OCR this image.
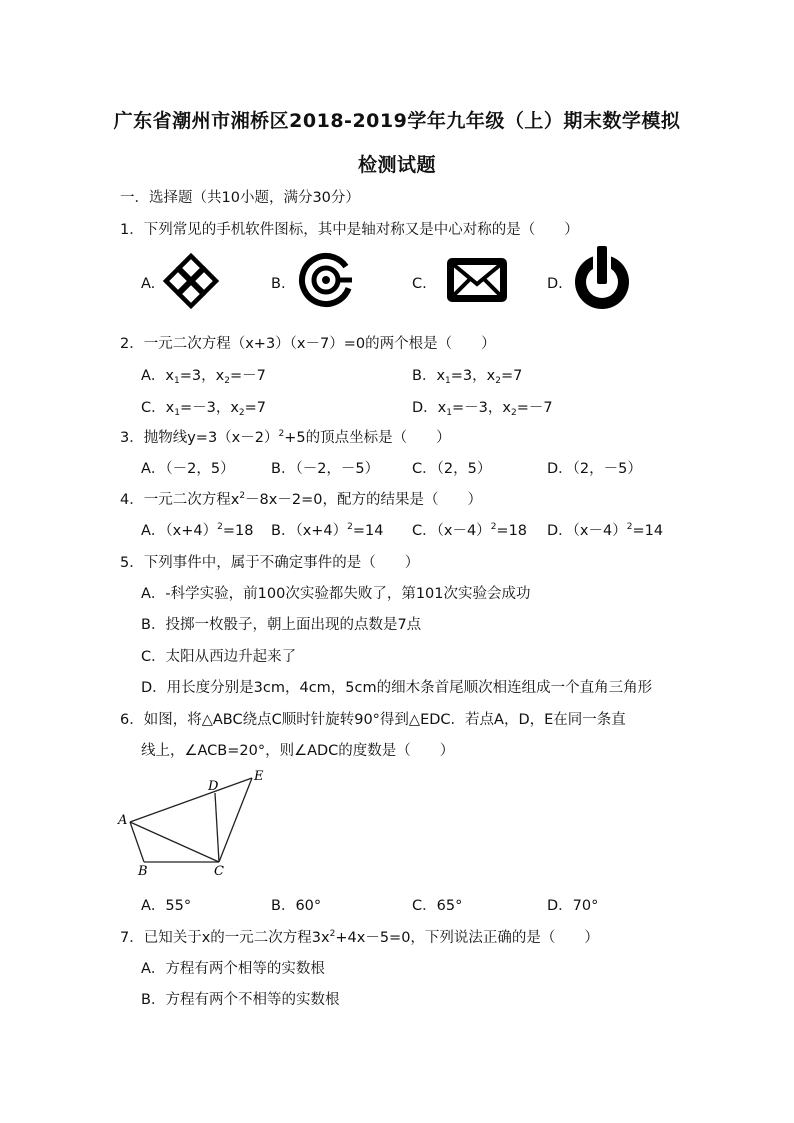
广东省潮州市湘桥区2018-2019学年九年级（上）期末数学模拟
检测试题
一．选择题（共10小题，满分30分）
1．下列常见的手机软件图标，其中是轴对称又是中心对称的是（　　）
A.	B.	C.	D.
2．一元二次方程（x+3）（x－7）=0的两个根是（　　）
A．$x_1=3$，$x_2=-7$	B．$x_1=3$，$x_2=7$
C．$x_1=-3$，$x_2=7$	D．$x_1=-3$，$x_2=-7$
3．抛物线$y=3(x-2)^2+5$的顶点坐标是（　　）
A．（－2，5）	B．（－2，－5） C．（2，5）	D．（2，－5）
4．一元二次方程$x^2-8x-2=0$，配方的结果是（　　）
A．$(x+4)^2=18$ B．$(x+4)^2=14$ C．$(x-4)^2=18$ D．$(x-4)^2=14$
5．下列事件中，属于不确定事件的是（　　）
A．‑科学实验，前100次实验都失败了，第101次实验会成功
B．投掷一枚骰子，朝上面出现的点数是7点
C．太阳从西边升起来了
D．用长度分别是3cm，4cm，5cm的细木条首尾顺次相连组成一个直角三角形
6．如图，将△ABC绕点C顺时针旋转90°得到△EDC．若点A，D，E在同一条直
线上，∠ACB=20°，则∠ADC的度数是（　　）
A
B	C
D
E
A．55°	B．60°	C．65°	D．70°
7．已知关于x的一元二次方程$3x^2+4x-5=0$，下列说法正确的是（　　）
A．方程有两个相等的实数根
B．方程有两个不相等的实数根
